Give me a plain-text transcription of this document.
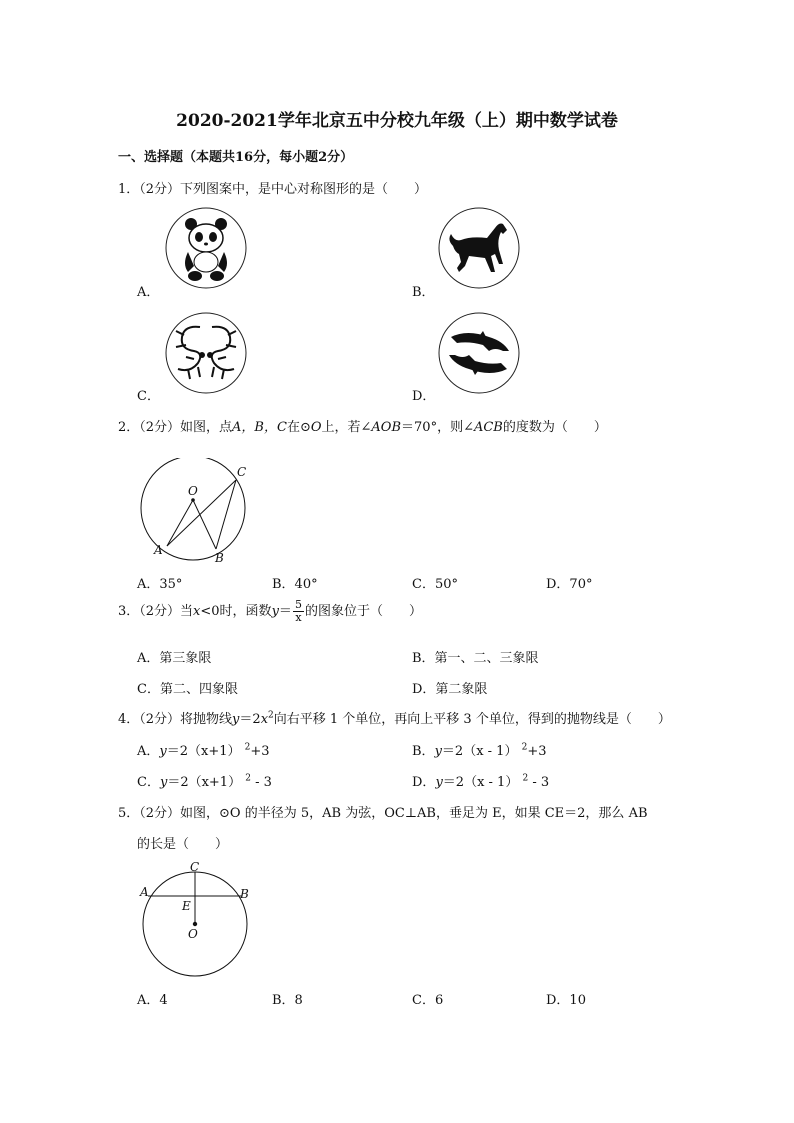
2020-2021学年北京五中分校九年级（上）期中数学试卷
一、选择题（本题共16分，每小题2分）
1．（2分）下列图案中，是中心对称图形的是（　　）
A．	B．
C．	D．
2．（2分）如图，点A，B，C在⊙O上，若∠AOB＝70°，则∠ACB的度数为（　　）
O
A
B
C
A．35°	B．40°	C．50°	D．70°
3．（2分）当x<0时，函数$y= \frac{5}{x}$ 的图象位于（　　）
A．第三象限	B．第一、二、三象限
C．第二、四象限	D．第二象限
4．（2分）将抛物线$y=2x^2$向右平移 1 个单位，再向上平移 3 个单位，得到的抛物线是（　　）
A．y＝2（x+1） $^2$+3	B．y＝2（x - 1） $^2$+3
C．y＝2（x+1） $^2$ - 3	D．y＝2（x - 1） $^2$ - 3
5．（2分）如图，⊙O 的半径为 5，AB 为弦，OC⊥AB，垂足为 E，如果 CE＝2，那么 AB
的长是（　　）
C
A	B
E
O
A．4	B．8	C．6	D．10
